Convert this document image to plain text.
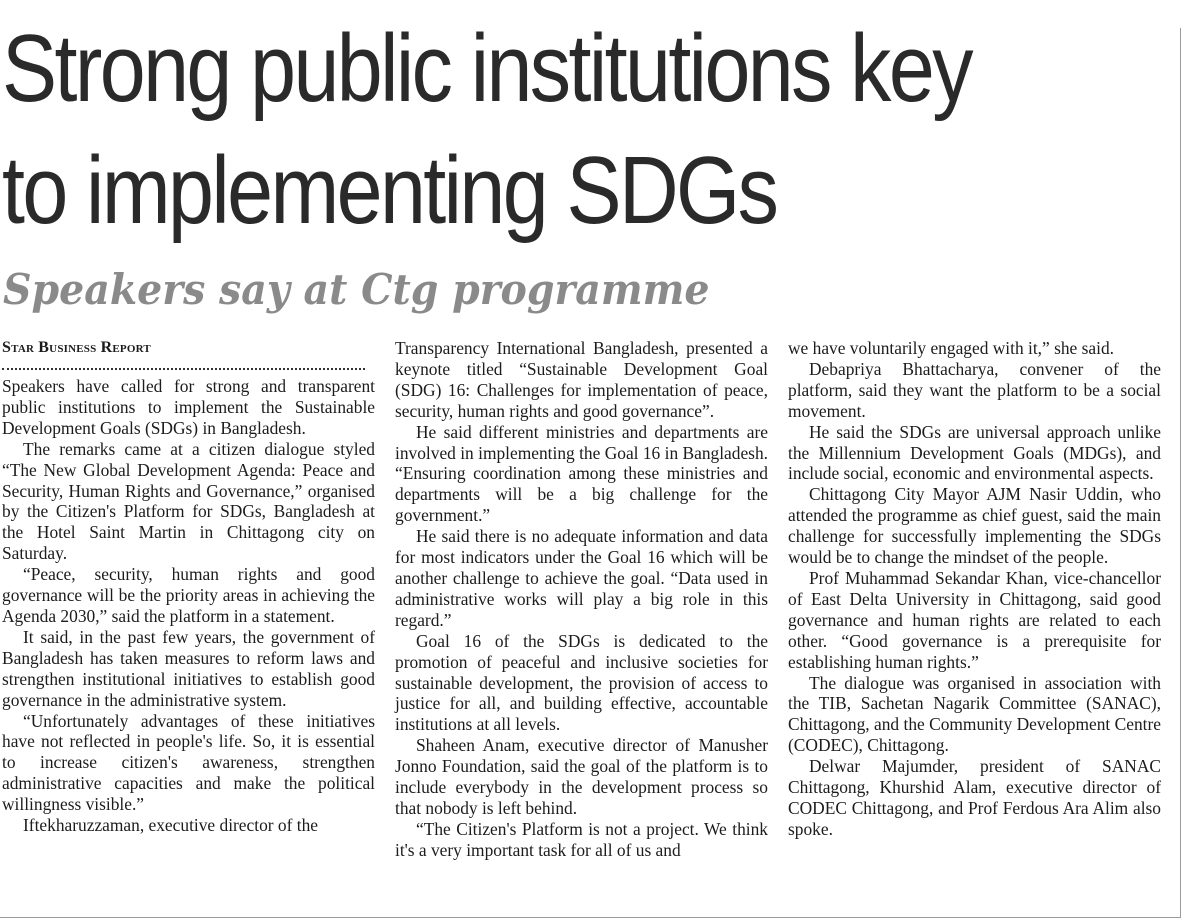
Strong public institutions key
to implementing SDGs
Speakers say at Ctg programme
Star Business Report

Speakers have called for strong and transparent public institutions to implement the Sustainable Development Goals (SDGs) in Bangladesh.

The remarks came at a citizen dialogue styled “The New Global Development Agenda: Peace and Security, Human Rights and Governance,” organised by the Citizen's Platform for SDGs, Bangladesh at the Hotel Saint Martin in Chittagong city on Saturday.

“Peace, security, human rights and good governance will be the priority areas in achieving the Agenda 2030,” said the platform in a statement.

It said, in the past few years, the government of Bangladesh has taken measures to reform laws and strengthen institutional initiatives to establish good governance in the administrative system.

“Unfortunately advantages of these initiatives have not reflected in people's life. So, it is essential to increase citizen's awareness, strengthen administrative capacities and make the political willingness visible.”

Iftekharuzzaman, executive director of the

Transparency International Bangladesh, presented a keynote titled “Sustainable Development Goal (SDG) 16: Challenges for implementation of peace, security, human rights and good governance”.

He said different ministries and departments are involved in implementing the Goal 16 in Bangladesh. “Ensuring coordination among these ministries and departments will be a big challenge for the government.”

He said there is no adequate information and data for most indicators under the Goal 16 which will be another challenge to achieve the goal. “Data used in administrative works will play a big role in this regard.”

Goal 16 of the SDGs is dedicated to the promotion of peaceful and inclusive societies for sustainable development, the provision of access to justice for all, and building effective, accountable institutions at all levels.

Shaheen Anam, executive director of Manusher Jonno Foundation, said the goal of the platform is to include everybody in the development process so that nobody is left behind.

“The Citizen's Platform is not a project. We think it's a very important task for all of us and

we have voluntarily engaged with it,” she said.

Debapriya Bhattacharya, convener of the platform, said they want the platform to be a social movement.

He said the SDGs are universal approach unlike the Millennium Development Goals (MDGs), and include social, economic and environmental aspects.

Chittagong City Mayor AJM Nasir Uddin, who attended the programme as chief guest, said the main challenge for successfully implementing the SDGs would be to change the mindset of the people.

Prof Muhammad Sekandar Khan, vice-chancellor of East Delta University in Chittagong, said good governance and human rights are related to each other. “Good governance is a prerequisite for establishing human rights.”

The dialogue was organised in association with the TIB, Sachetan Nagarik Committee (SANAC), Chittagong, and the Community Development Centre (CODEC), Chittagong.

Delwar Majumder, president of SANAC Chittagong, Khurshid Alam, executive director of CODEC Chittagong, and Prof Ferdous Ara Alim also spoke.
